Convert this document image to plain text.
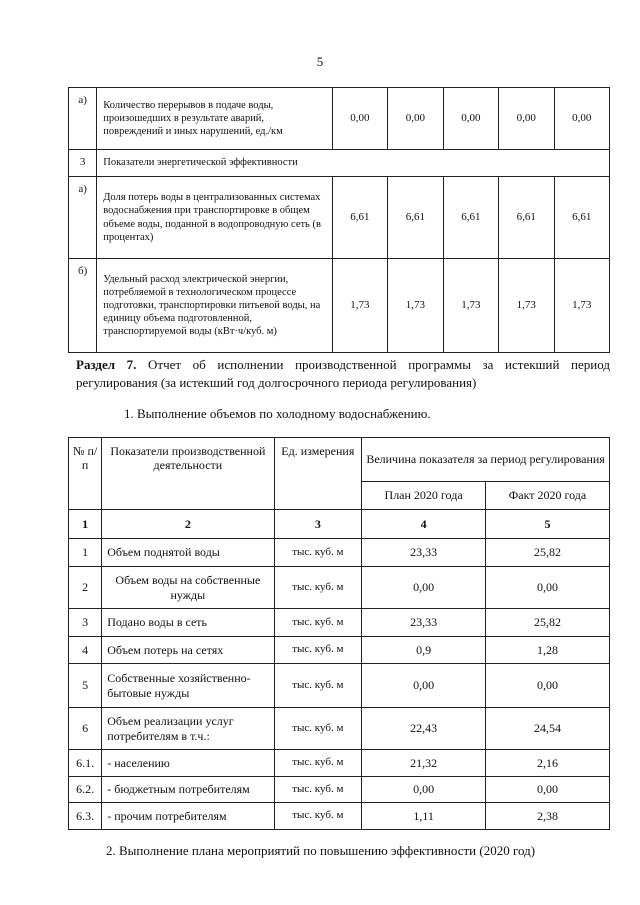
5
а)	Количество перерывов в подаче воды, произошедших в результате аварий, повреждений и иных нарушений, ед./км	0,00	0,00	0,00	0,00	0,00
3	Показатели энергетической эффективности					
а)	Доля потерь воды в централизованных системах водоснабжения при транспортировке в общем объеме воды, поданной в водопроводную сеть (в процентах)	6,61	6,61	6,61	6,61	6,61
б)	Удельный расход электрической энергии, потребляемой в технологическом процессе подготовки, транспортировки питьевой воды, на единицу объема подготовленной, транспортируемой воды (кВт·ч/куб. м)	1,73	1,73	1,73	1,73	1,73
Раздел 7. Отчет об исполнении производственной программы за истекший период регулирования (за истекший год долгосрочного периода регулирования)
1. Выполнение объемов по холодному водоснабжению.
№ п/п	Показатели производственной деятельности	Ед. измерения	Величина показателя за период регулирования	
			План 2020 года	Факт 2020 года
1	2	3	4	5
1	Объем поднятой воды	тыс. куб. м	23,33	25,82
2	Объем воды на собственные нужды	тыс. куб. м	0,00	0,00
3	Подано воды в сеть	тыс. куб. м	23,33	25,82
4	Объем потерь на сетях	тыс. куб. м	0,9	1,28
5	Собственные хозяйственно-бытовые нужды	тыс. куб. м	0,00	0,00
6	Объем реализации услуг потребителям в т.ч.:	тыс. куб. м	22,43	24,54
6.1.	- населению	тыс. куб. м	21,32	2,16
6.2.	- бюджетным потребителям	тыс. куб. м	0,00	0,00
6.3.	- прочим потребителям	тыс. куб. м	1,11	2,38
2. Выполнение плана мероприятий по повышению эффективности (2020 год)
